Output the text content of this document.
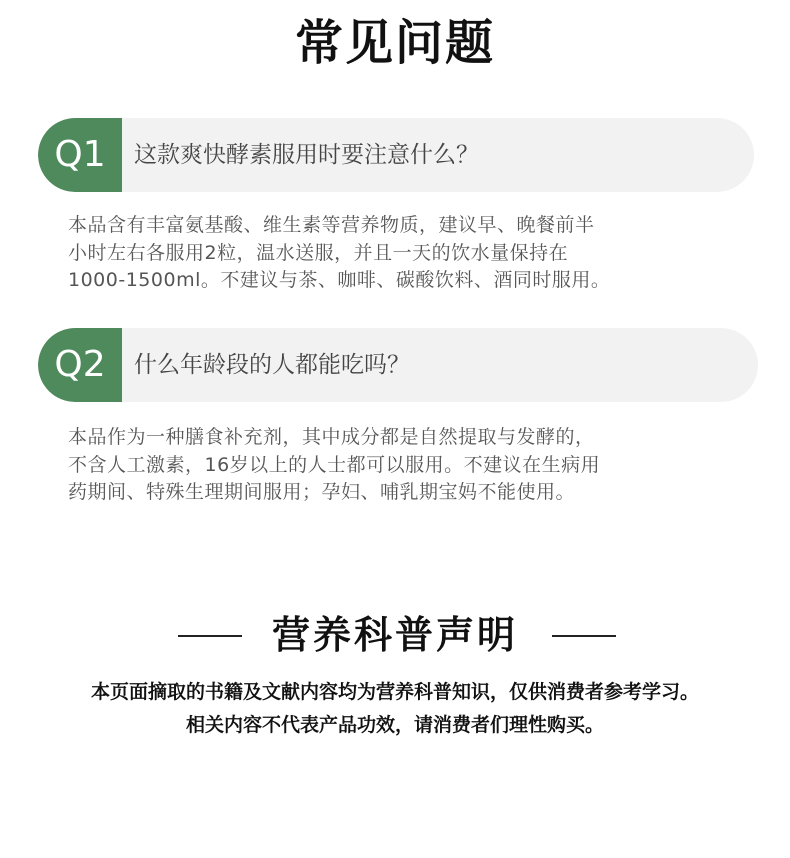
常见问题
Q1	这款爽快酵素服用时要注意什么？
本品含有丰富氨基酸、维生素等营养物质，建议早、晚餐前半
小时左右各服用2粒，温水送服，并且一天的饮水量保持在
1000-1500ml。不建议与茶、咖啡、碳酸饮料、酒同时服用。
Q2	什么年龄段的人都能吃吗？
本品作为一种膳食补充剂，其中成分都是自然提取与发酵的，
不含人工激素，16岁以上的人士都可以服用。不建议在生病用
药期间、特殊生理期间服用；孕妇、哺乳期宝妈不能使用。
营养科普声明
本页面摘取的书籍及文献内容均为营养科普知识，仅供消费者参考学习。
相关内容不代表产品功效，请消费者们理性购买。
